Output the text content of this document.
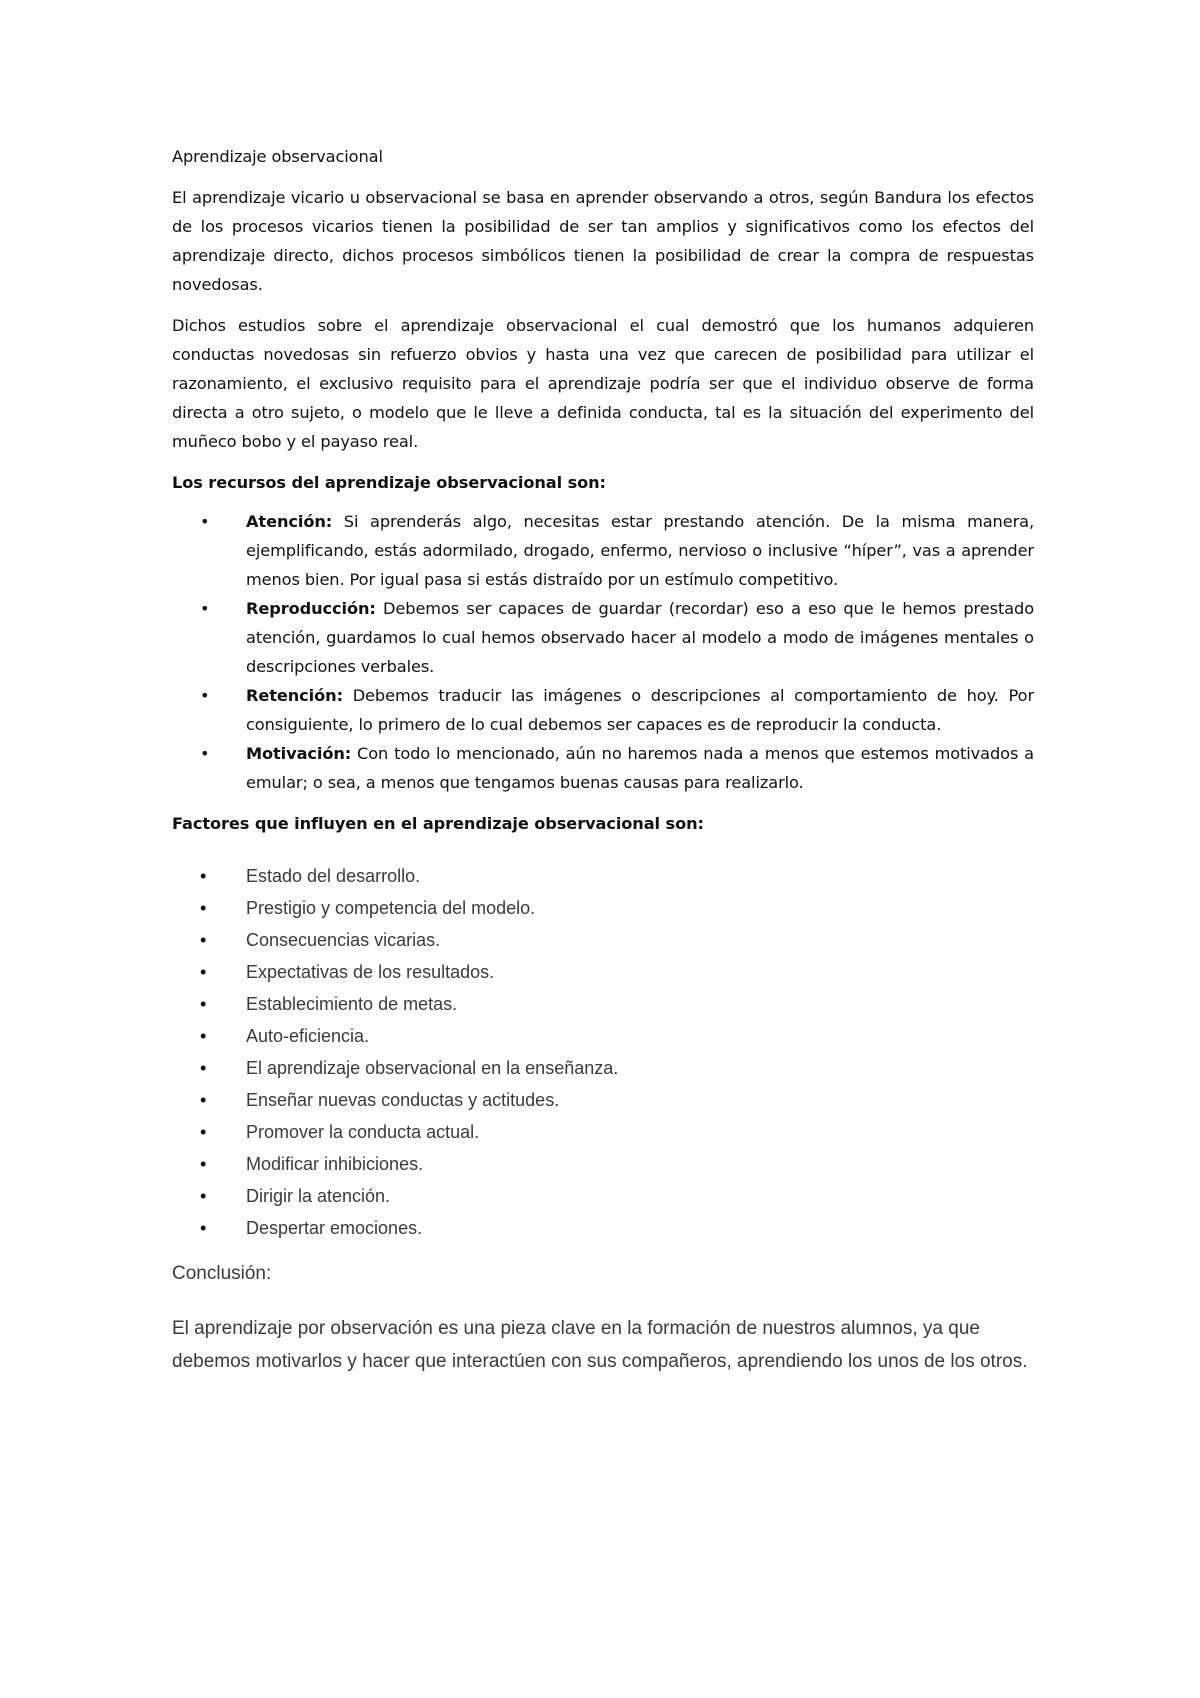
Aprendizaje observacional

El aprendizaje vicario u observacional se basa en aprender observando a otros, según Bandura los efectos de los procesos vicarios tienen la posibilidad de ser tan amplios y significativos como los efectos del aprendizaje directo, dichos procesos simbólicos tienen la posibilidad de crear la compra de respuestas novedosas.

Dichos estudios sobre el aprendizaje observacional el cual demostró que los humanos adquieren conductas novedosas sin refuerzo obvios y hasta una vez que carecen de posibilidad para utilizar el razonamiento, el exclusivo requisito para el aprendizaje podría ser que el individuo observe de forma directa a otro sujeto, o modelo que le lleve a definida conducta, tal es la situación del experimento del muñeco bobo y el payaso real.

Los recursos del aprendizaje observacional son:

• Atención: Si aprenderás algo, necesitas estar prestando atención. De la misma manera, ejemplificando, estás adormilado, drogado, enfermo, nervioso o inclusive “híper”, vas a aprender menos bien. Por igual pasa si estás distraído por un estímulo competitivo.
• Reproducción: Debemos ser capaces de guardar (recordar) eso a eso que le hemos prestado atención, guardamos lo cual hemos observado hacer al modelo a modo de imágenes mentales o descripciones verbales.
• Retención: Debemos traducir las imágenes o descripciones al comportamiento de hoy. Por consiguiente, lo primero de lo cual debemos ser capaces es de reproducir la conducta.
• Motivación: Con todo lo mencionado, aún no haremos nada a menos que estemos motivados a emular; o sea, a menos que tengamos buenas causas para realizarlo.

Factores que influyen en el aprendizaje observacional son:

• Estado del desarrollo.
• Prestigio y competencia del modelo.
• Consecuencias vicarias.
• Expectativas de los resultados.
• Establecimiento de metas.
• Auto-eficiencia.
• El aprendizaje observacional en la enseñanza.
• Enseñar nuevas conductas y actitudes.
• Promover la conducta actual.
• Modificar inhibiciones.
• Dirigir la atención.
• Despertar emociones.

Conclusión:

El aprendizaje por observación es una pieza clave en la formación de nuestros alumnos, ya que debemos motivarlos y hacer que interactúen con sus compañeros, aprendiendo los unos de los otros.
